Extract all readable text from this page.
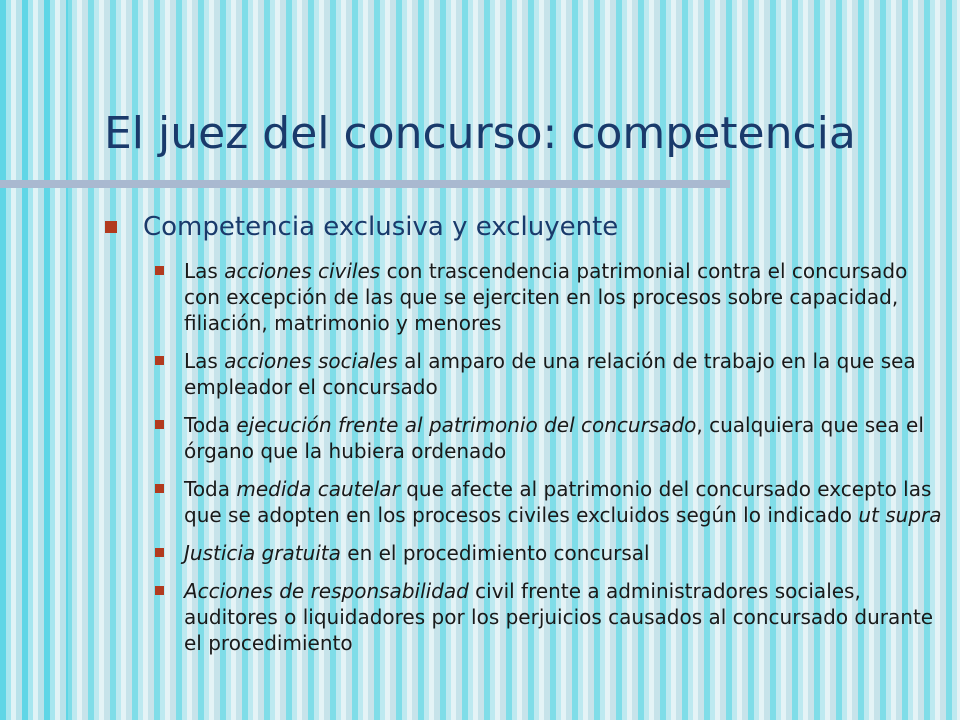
El juez del concurso: competencia
Competencia exclusiva y excluyente
Las acciones civiles con trascendencia patrimonial contra el concursado con excepción de las que se ejerciten en los procesos sobre capacidad, filiación, matrimonio y menores
Las acciones sociales al amparo de una relación de trabajo en la que sea empleador el concursado
Toda ejecución frente al patrimonio del concursado, cualquiera que sea el órgano que la hubiera ordenado
Toda medida cautelar que afecte al patrimonio del concursado excepto las que se adopten en los procesos civiles excluidos según lo indicado ut supra
Justicia gratuita en el procedimiento concursal
Acciones de responsabilidad civil frente a administradores sociales, auditores o liquidadores por los perjuicios causados al concursado durante el procedimiento
